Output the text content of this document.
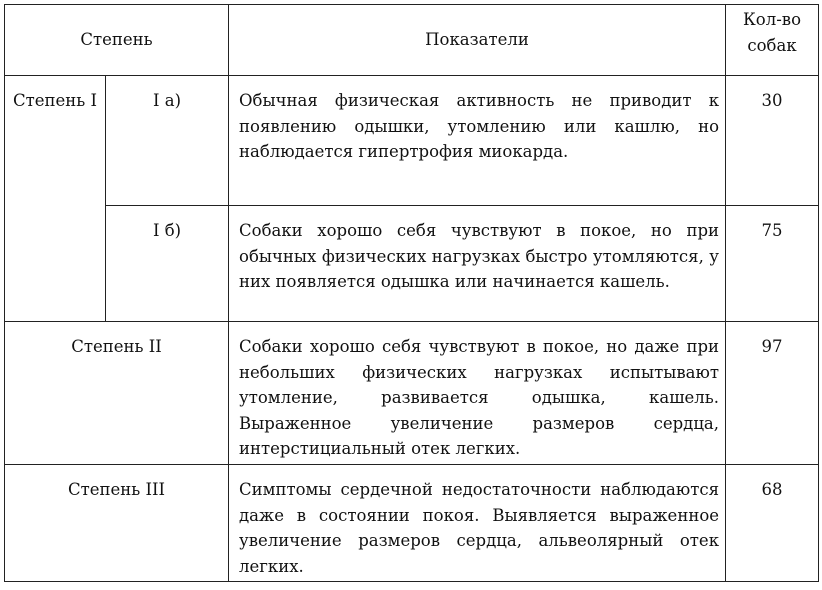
Степень		Показатели	Кол-во собак
Степень I	I а)	Обычная физическая активность не приводит к появлению одышки, утомлению или кашлю, но наблюдается гипертрофия миокарда.	30
	I б)	Собаки хорошо себя чувствуют в покое, но при обычных физических нагрузках быстро утомляются, у них появляется одышка или начинается кашель.	75
Степень II		Собаки хорошо себя чувствуют в покое, но даже при небольших физических нагрузках испытывают утомление, развивается одышка, кашель. Выраженное увеличение размеров сердца, интерстициальный отек легких.	97
Степень III		Симптомы сердечной недостаточности наблюдаются даже в состоянии покоя. Выявляется выраженное увеличение размеров сердца, альвеолярный отек легких.	68
